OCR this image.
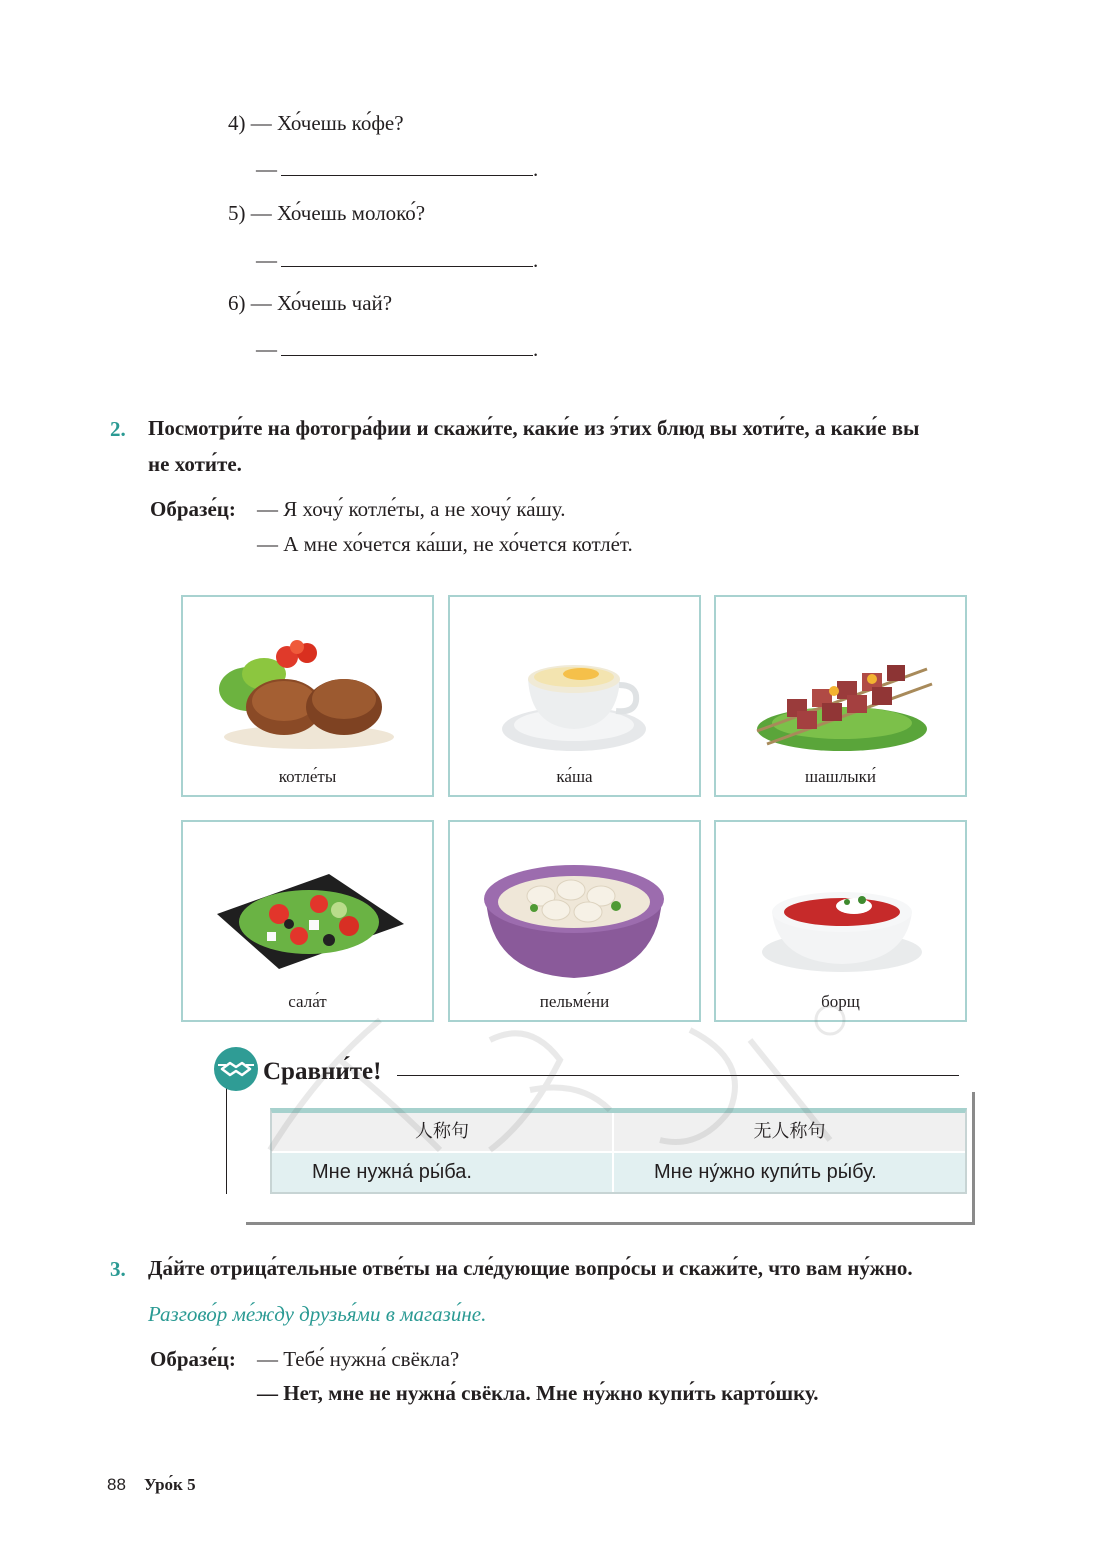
4) — Хо́чешь ко́фе?
—	.
5) — Хо́чешь молоко́?
—	.
6) — Хо́чешь чай?
—	.
2. Посмотри́те на фотогра́фии и скажи́те, каки́е из э́тих блюд вы хоти́те, а каки́е вы
не хоти́те.
Образе́ц: — Я хочу́ котле́ты, а не хочу́ ка́шу.
— А мне хо́чется ка́ши, не хо́чется котле́т.
котле́ты	ка́ша	шашлыки́
сала́т	пельме́ни	борщ
Сравни́те!
人称句	无人称句
Мне нужна́ ры́ба.	Мне ну́жно купи́ть ры́бу.
3. Да́йте отрица́тельные отве́ты на сле́дующие вопро́сы и скажи́те, что вам ну́жно.
Разгово́р ме́жду друзья́ми в магази́не.
Образе́ц: — Тебе́ нужна́ свёкла?
— Нет, мне не нужна́ свёкла. Мне ну́жно купи́ть карто́шку.
88 Уро́к 5
